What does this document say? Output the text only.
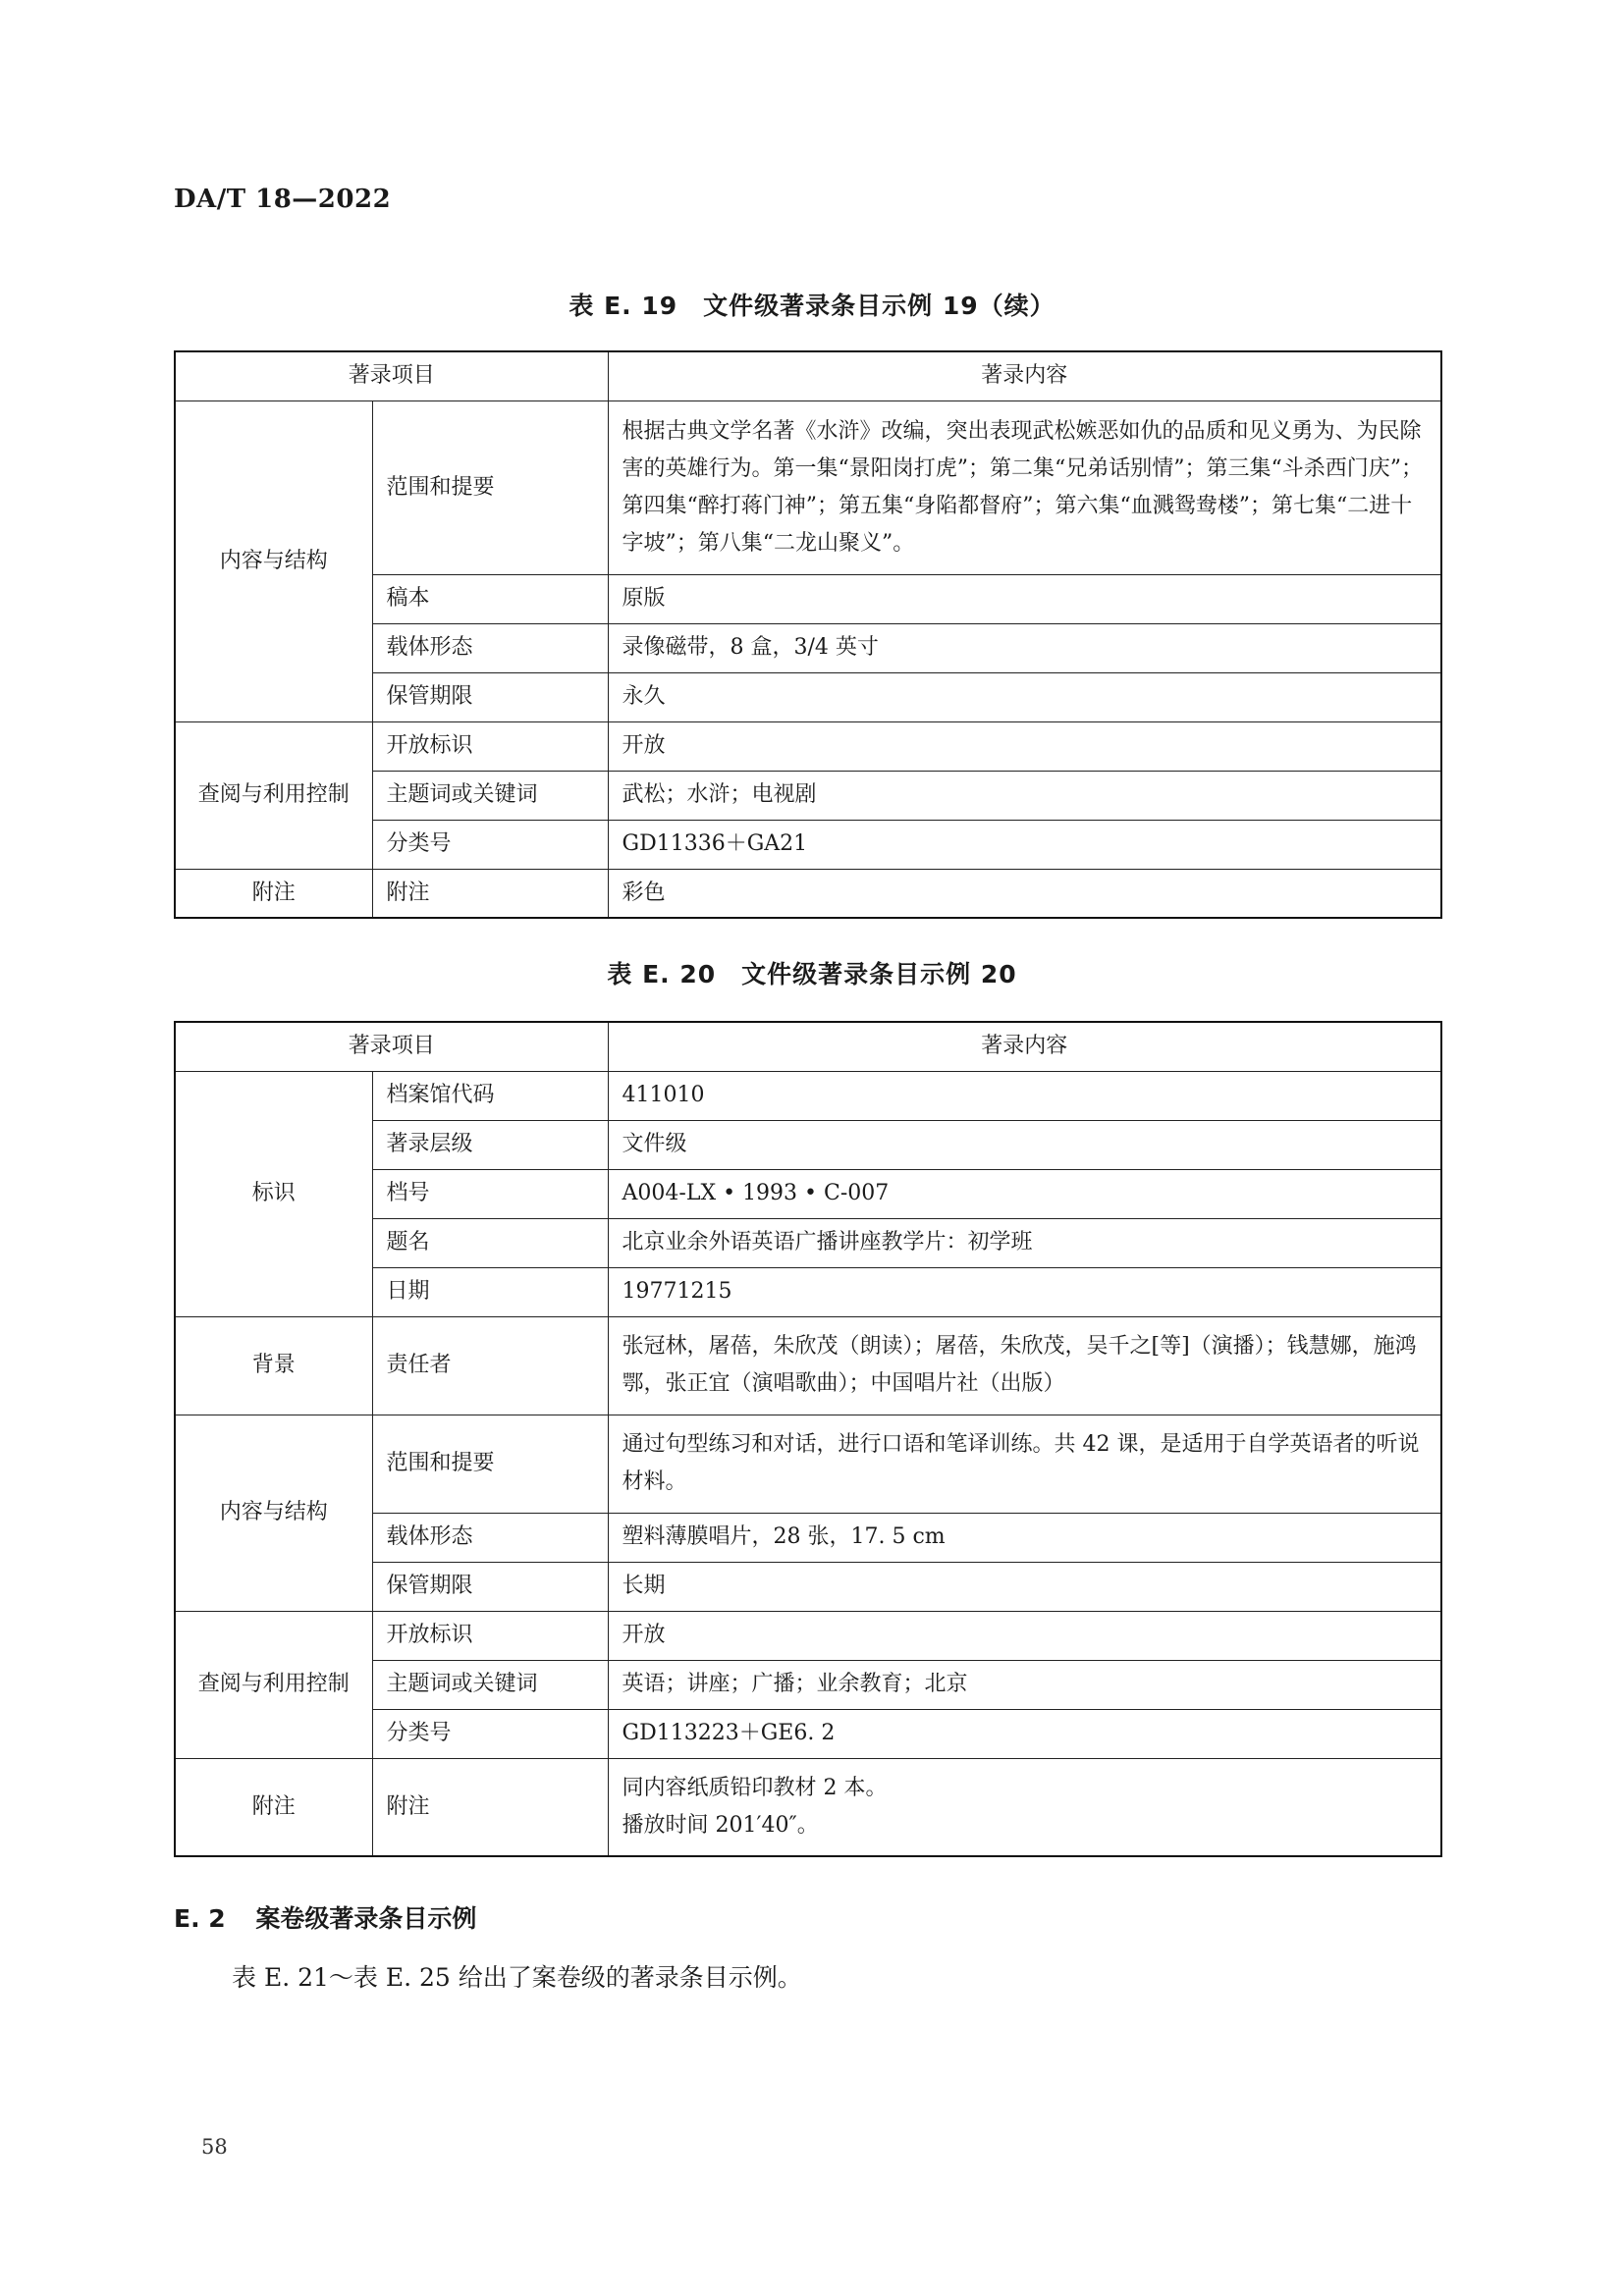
DA/T 18—2022
表 E. 19　文件级著录条目示例 19（续）
著录项目		著录内容
内容与结构	范围和提要	根据古典文学名著《水浒》改编，突出表现武松嫉恶如仇的品质和见义勇为、为民除害的英雄行为。第一集“景阳岗打虎”；第二集“兄弟话别情”；第三集“斗杀西门庆”；第四集“醉打蒋门神”；第五集“身陷都督府”；第六集“血溅鸳鸯楼”；第七集“二进十字坡”；第八集“二龙山聚义”。
	稿本	原版
	载体形态	录像磁带，8 盒，3/4 英寸
	保管期限	永久
查阅与利用控制	开放标识	开放
	主题词或关键词	武松；水浒；电视剧
	分类号	GD11336＋GA21
附注	附注	彩色
表 E. 20　文件级著录条目示例 20
著录项目		著录内容
标识	档案馆代码	411010
	著录层级	文件级
	档号	A004-LX • 1993 • C-007
	题名	北京业余外语英语广播讲座教学片：初学班
	日期	19771215
背景	责任者	张冠林，屠蓓，朱欣茂（朗读）；屠蓓，朱欣茂，吴千之[等]（演播）；钱慧娜，施鸿鄂，张正宜（演唱歌曲）；中国唱片社（出版）
内容与结构	范围和提要	通过句型练习和对话，进行口语和笔译训练。共 42 课，是适用于自学英语者的听说材料。
	载体形态	塑料薄膜唱片，28 张，17. 5 cm
	保管期限	长期
查阅与利用控制	开放标识	开放
	主题词或关键词	英语；讲座；广播；业余教育；北京
	分类号	GD113223＋GE6. 2
附注	附注	同内容纸质铅印教材 2 本。
播放时间 201′40″。
E. 2 案卷级著录条目示例
表 E. 21～表 E. 25 给出了案卷级的著录条目示例。
58
